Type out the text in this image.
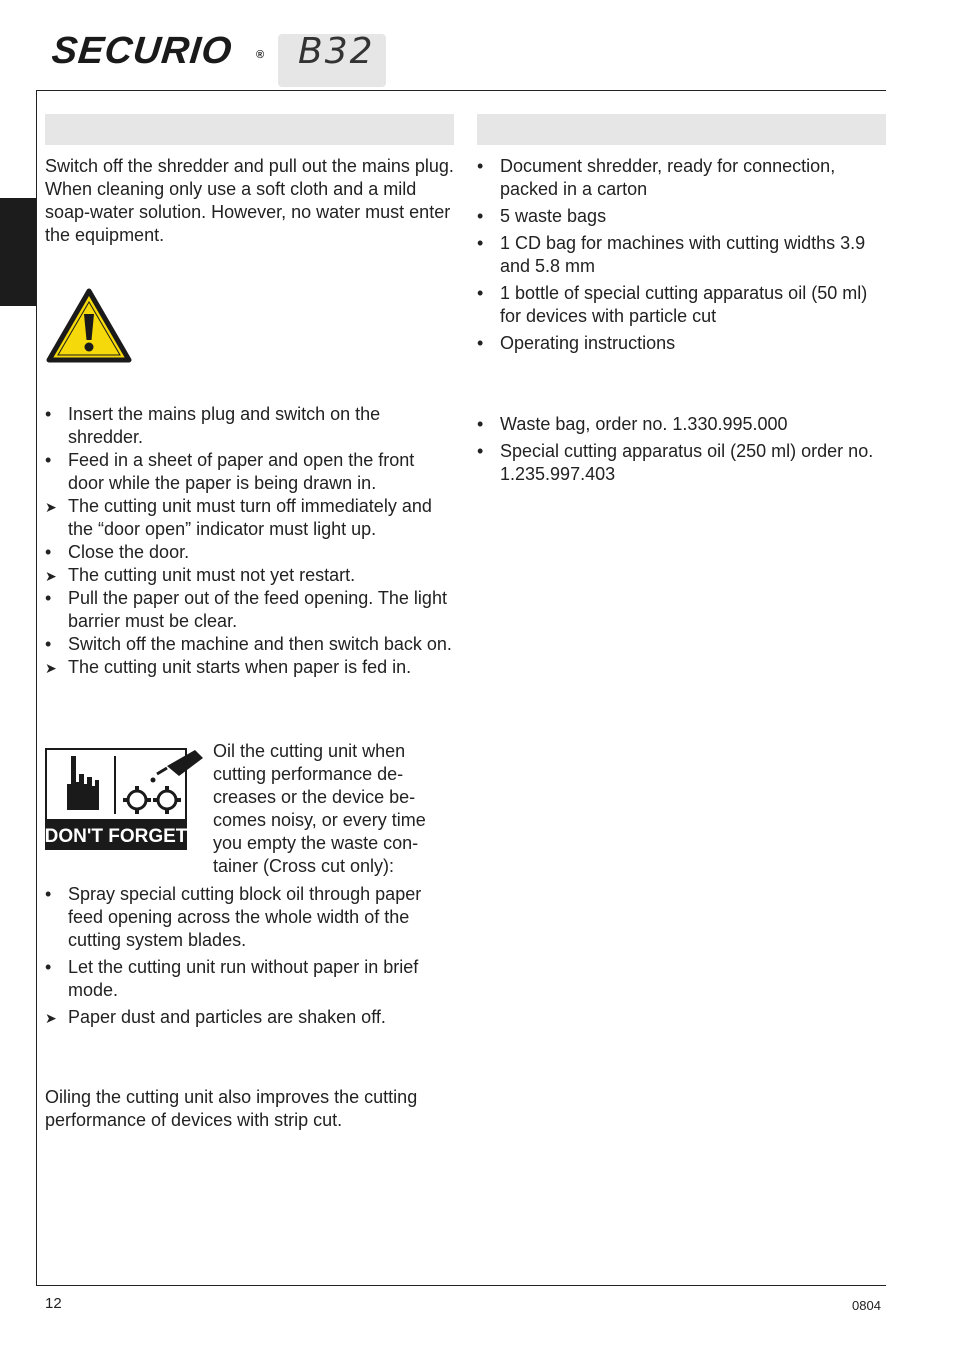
SECURIO ® B32

Switch off the shredder and pull out the mains plug. When cleaning only use a soft cloth and a mild soap-water solution. However, no water must enter the equipment.

•
Insert the mains plug and switch on the shredder.
•
Feed in a sheet of paper and open the front door while the paper is being drawn in.
➤
The cutting unit must turn off immediately and the “door open” indicator must light up.
•
Close the door.
➤
The cutting unit must not yet restart.
•
Pull the paper out of the feed opening. The light barrier must be clear.
•
Switch off the machine and then switch back on.
➤
The cutting unit starts when paper is fed in.
DON'T FORGET

Oil the cutting unit when cutting performance de-creases or the device be-comes noisy, or every time you empty the waste con-tainer (Cross cut only):

•
Spray special cutting block oil through paper feed opening across the whole width of the cutting system blades.
•
Let the cutting unit run without paper in brief mode.
➤
Paper dust and particles are shaken off.

Oiling the cutting unit also improves the cutting performance of devices with strip cut.

•
Document shredder, ready for connection, packed in a carton
•
5 waste bags
•
1 CD bag for machines with cutting widths 3.9 and 5.8 mm
•
1 bottle of special cutting apparatus oil (50 ml) for devices with particle cut
•
Operating instructions
•
Waste bag, order no. 1.330.995.000
•
Special cutting apparatus oil (250 ml) order no. 1.235.997.403
12	0804
